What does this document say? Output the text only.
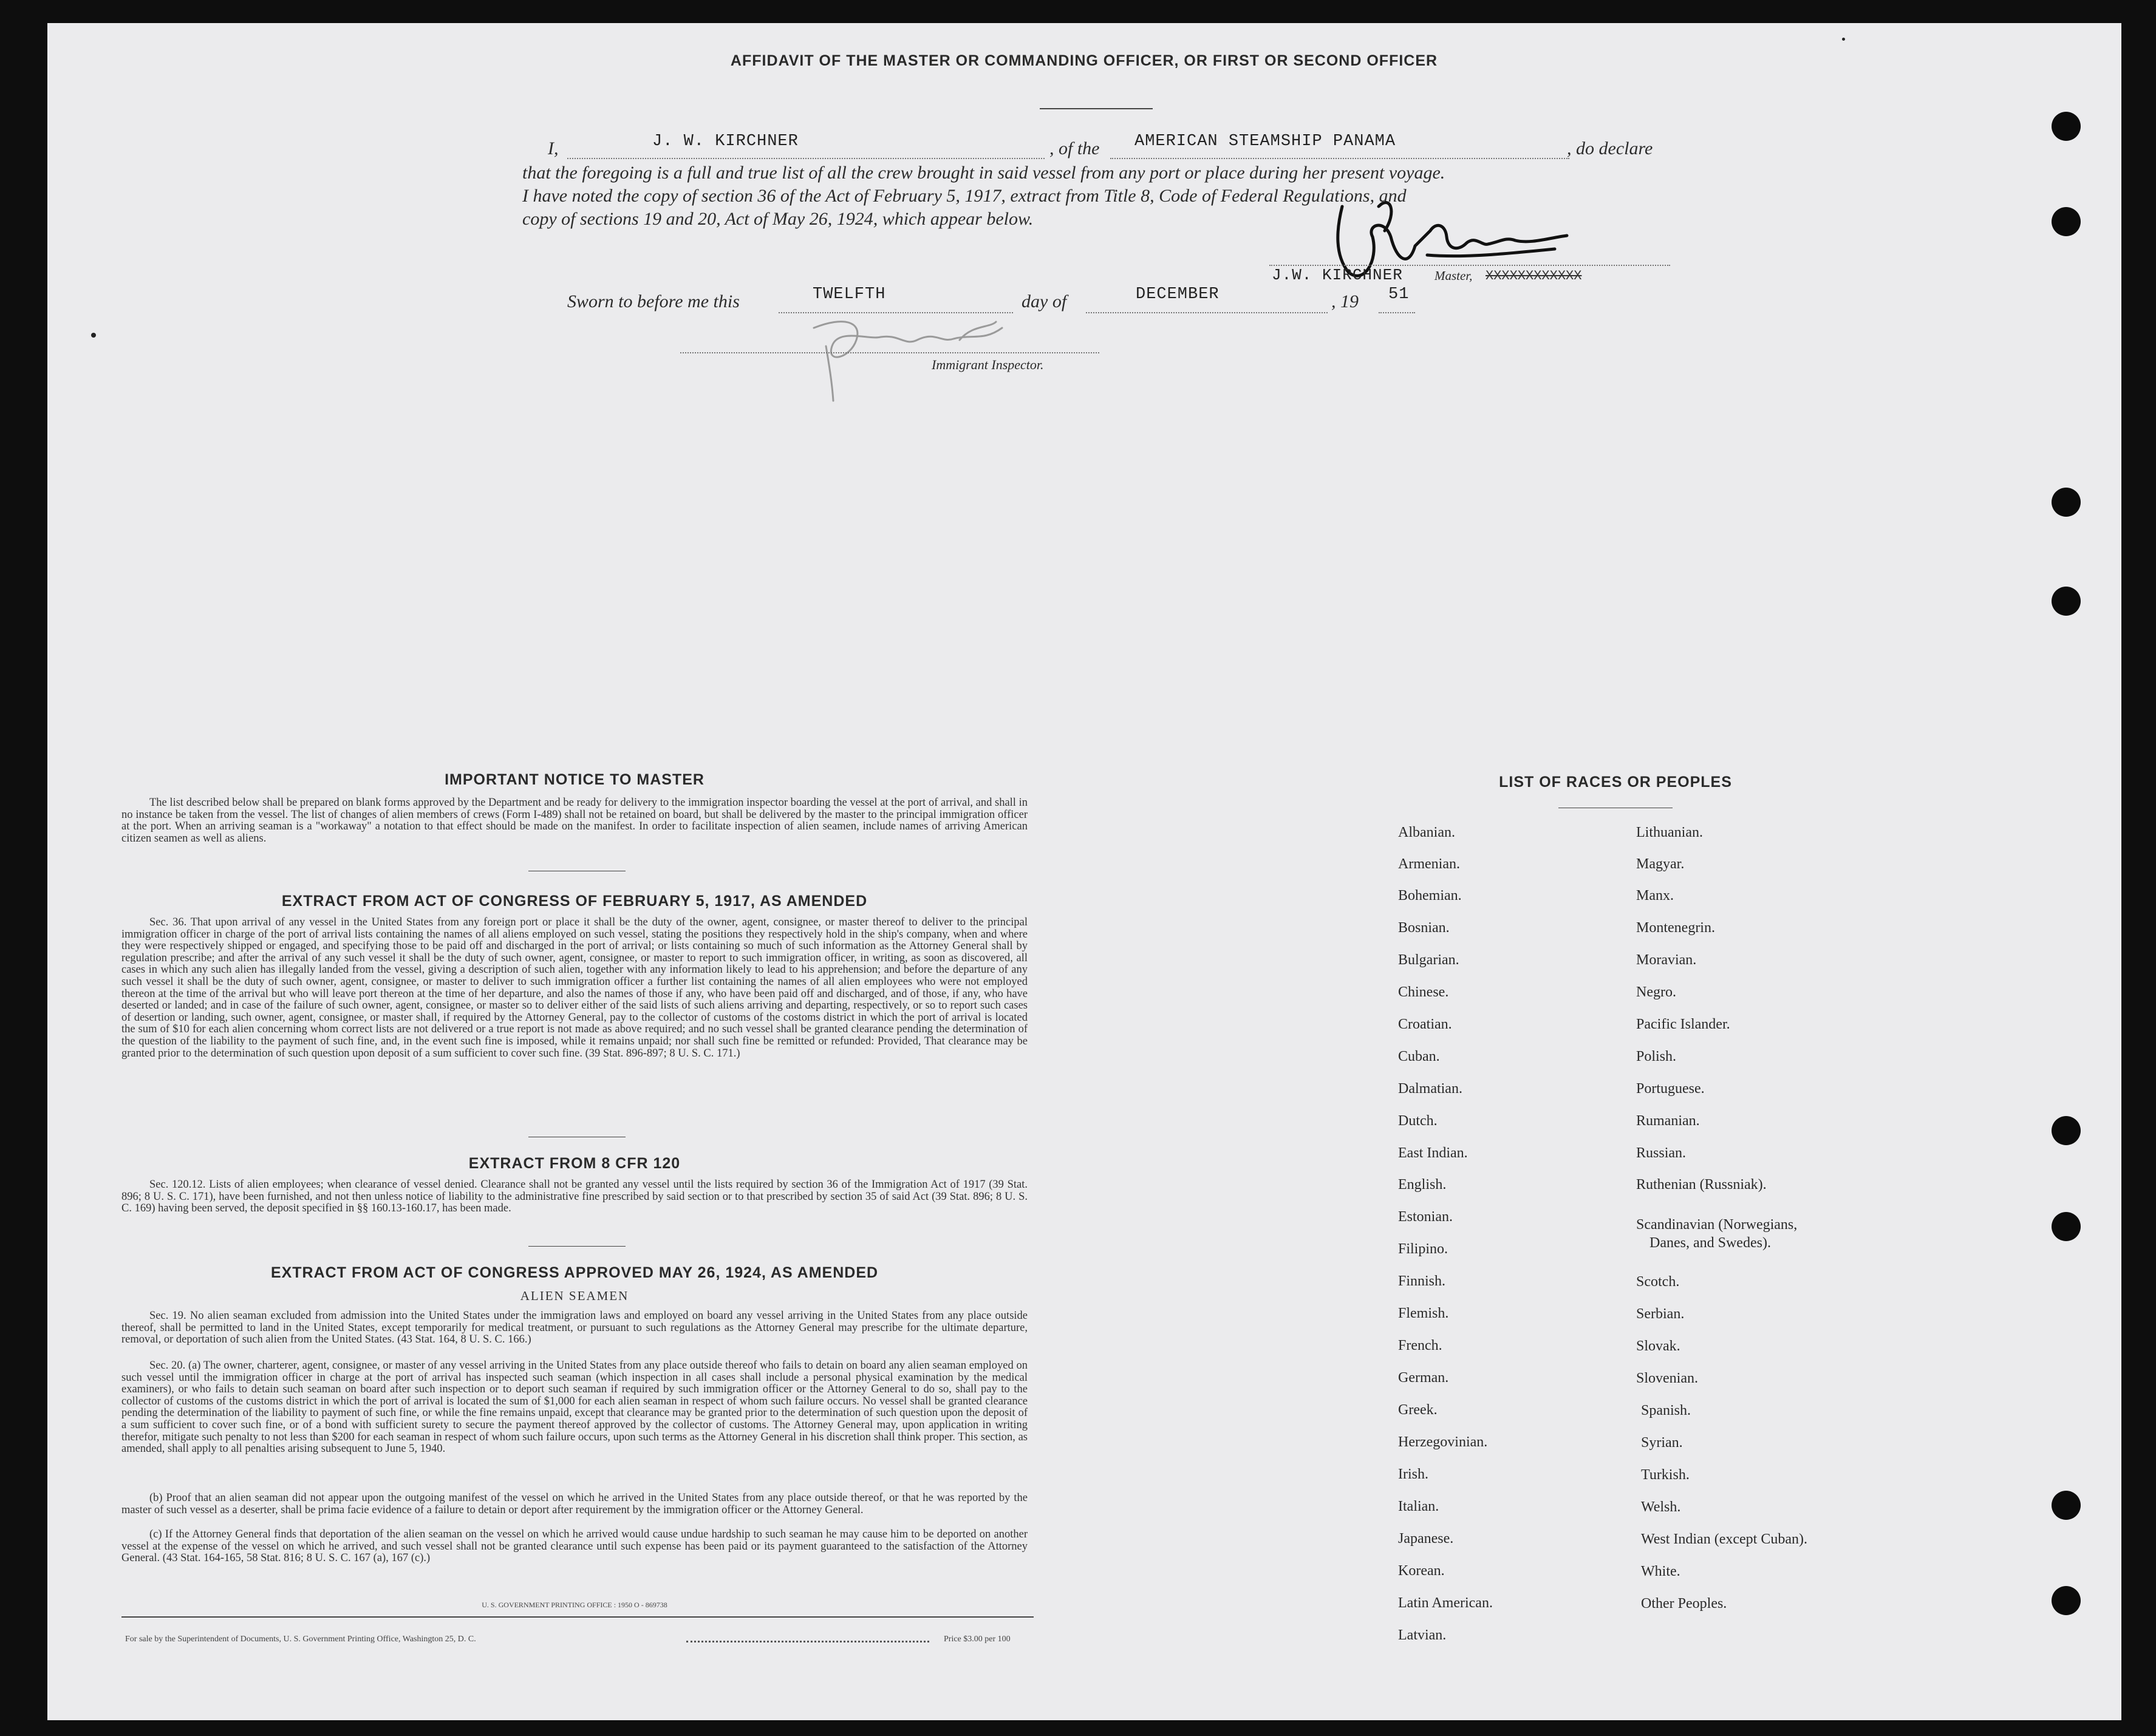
AFFIDAVIT OF THE MASTER OR COMMANDING OFFICER, OR FIRST OR SECOND OFFICER
I,	J. W. KIRCHNER	, of the AMERICAN STEAMSHIP PANAMA	, do declare
that the foregoing is a full and true list of all the crew brought in said vessel from any port or place during her present voyage.
I have noted the copy of section 36 of the Act of February 5, 1917, extract from Title 8, Code of Federal Regulations, and
copy of sections 19 and 20, Act of May 26, 1924, which appear below.
J.W. KIRCHNER Master, XXXXXXXXXXXX
Sworn to before me this	TWELFTH	day of	DECEMBER	, 19 51
Immigrant Inspector.
IMPORTANT NOTICE TO MASTER
The list described below shall be prepared on blank forms approved by the Department and be ready for delivery to the immigration inspector boarding the vessel at the port of arrival, and shall in no instance be taken from the vessel. The list of changes of alien members of crews (Form I-489) shall not be retained on board, but shall be delivered by the master to the principal immigration officer at the port. When an arriving seaman is a "workaway" a notation to that effect should be made on the manifest. In order to facilitate inspection of alien seamen, include names of arriving American citizen seamen as well as aliens.
EXTRACT FROM ACT OF CONGRESS OF FEBRUARY 5, 1917, AS AMENDED
Sec. 36. That upon arrival of any vessel in the United States from any foreign port or place it shall be the duty of the owner, agent, consignee, or master thereof to deliver to the principal immigration officer in charge of the port of arrival lists containing the names of all aliens employed on such vessel, stating the positions they respectively hold in the ship's company, when and where they were respectively shipped or engaged, and specifying those to be paid off and discharged in the port of arrival; or lists containing so much of such information as the Attorney General shall by regulation prescribe; and after the arrival of any such vessel it shall be the duty of such owner, agent, consignee, or master to report to such immigration officer, in writing, as soon as discovered, all cases in which any such alien has illegally landed from the vessel, giving a description of such alien, together with any information likely to lead to his apprehension; and before the departure of any such vessel it shall be the duty of such owner, agent, consignee, or master to deliver to such immigration officer a further list containing the names of all alien employees who were not employed thereon at the time of the arrival but who will leave port thereon at the time of her departure, and also the names of those if any, who have been paid off and discharged, and of those, if any, who have deserted or landed; and in case of the failure of such owner, agent, consignee, or master so to deliver either of the said lists of such aliens arriving and departing, respectively, or so to report such cases of desertion or landing, such owner, agent, consignee, or master shall, if required by the Attorney General, pay to the collector of customs of the costoms district in which the port of arrival is located the sum of $10 for each alien concerning whom correct lists are not delivered or a true report is not made as above required; and no such vessel shall be granted clearance pending the determination of the question of the liability to the payment of such fine, and, in the event such fine is imposed, while it remains unpaid; nor shall such fine be remitted or refunded: Provided, That clearance may be granted prior to the determination of such question upon deposit of a sum sufficient to cover such fine. (39 Stat. 896-897; 8 U. S. C. 171.)
EXTRACT FROM 8 CFR 120
Sec. 120.12. Lists of alien employees; when clearance of vessel denied. Clearance shall not be granted any vessel until the lists required by section 36 of the Immigration Act of 1917 (39 Stat. 896; 8 U. S. C. 171), have been furnished, and not then unless notice of liability to the administrative fine prescribed by said section or to that prescribed by section 35 of said Act (39 Stat. 896; 8 U. S. C. 169) having been served, the deposit specified in §§ 160.13-160.17, has been made.
EXTRACT FROM ACT OF CONGRESS APPROVED MAY 26, 1924, AS AMENDED
ALIEN SEAMEN
Sec. 19. No alien seaman excluded from admission into the United States under the immigration laws and employed on board any vessel arriving in the United States from any place outside thereof, shall be permitted to land in the United States, except temporarily for medical treatment, or pursuant to such regulations as the Attorney General may prescribe for the ultimate departure, removal, or deportation of such alien from the United States. (43 Stat. 164, 8 U. S. C. 166.)
Sec. 20. (a) The owner, charterer, agent, consignee, or master of any vessel arriving in the United States from any place outside thereof who fails to detain on board any alien seaman employed on such vessel until the immigration officer in charge at the port of arrival has inspected such seaman (which inspection in all cases shall include a personal physical examination by the medical examiners), or who fails to detain such seaman on board after such inspection or to deport such seaman if required by such immigration officer or the Attorney General to do so, shall pay to the collector of customs of the customs district in which the port of arrival is located the sum of $1,000 for each alien seaman in respect of whom such failure occurs. No vessel shall be granted clearance pending the determination of the liability to payment of such fine, or while the fine remains unpaid, except that clearance may be granted prior to the determination of such question upon the deposit of a sum sufficient to cover such fine, or of a bond with sufficient surety to secure the payment thereof approved by the collector of customs. The Attorney General may, upon application in writing therefor, mitigate such penalty to not less than $200 for each seaman in respect of whom such failure occurs, upon such terms as the Attorney General in his discretion shall think proper. This section, as amended, shall apply to all penalties arising subsequent to June 5, 1940.
(b) Proof that an alien seaman did not appear upon the outgoing manifest of the vessel on which he arrived in the United States from any place outside thereof, or that he was reported by the master of such vessel as a deserter, shall be prima facie evidence of a failure to detain or deport after requirement by the immigration officer or the Attorney General.
(c) If the Attorney General finds that deportation of the alien seaman on the vessel on which he arrived would cause undue hardship to such seaman he may cause him to be deported on another vessel at the expense of the vessel on which he arrived, and such vessel shall not be granted clearance until such expense has been paid or its payment guaranteed to the satisfaction of the Attorney General. (43 Stat. 164-165, 58 Stat. 816; 8 U. S. C. 167 (a), 167 (c).)
U. S. GOVERNMENT PRINTING OFFICE : 1950 O - 869738
For sale by the Superintendent of Documents, U. S. Government Printing Office, Washington 25, D. C.	Price $3.00 per 100
LIST OF RACES OR PEOPLES
Albanian.
Armenian.
Bohemian.
Bosnian.
Bulgarian.
Chinese.
Croatian.
Cuban.
Dalmatian.
Dutch.
East Indian.
English.
Estonian.
Filipino.
Finnish.
Flemish.
French.
German.
Greek.
Herzegovinian.
Irish.
Italian.
Japanese.
Korean.
Latin American.
Latvian.
Lithuanian.
Magyar.
Manx.
Montenegrin.
Moravian.
Negro.
Pacific Islander.
Polish.
Portuguese.
Rumanian.
Russian.
Ruthenian (Russniak).
Scandinavian (Norwegians,
Danes, and Swedes).
Scotch.
Serbian.
Slovak.
Slovenian.
Spanish.
Syrian.
Turkish.
Welsh.
West Indian (except Cuban).
White.
Other Peoples.
